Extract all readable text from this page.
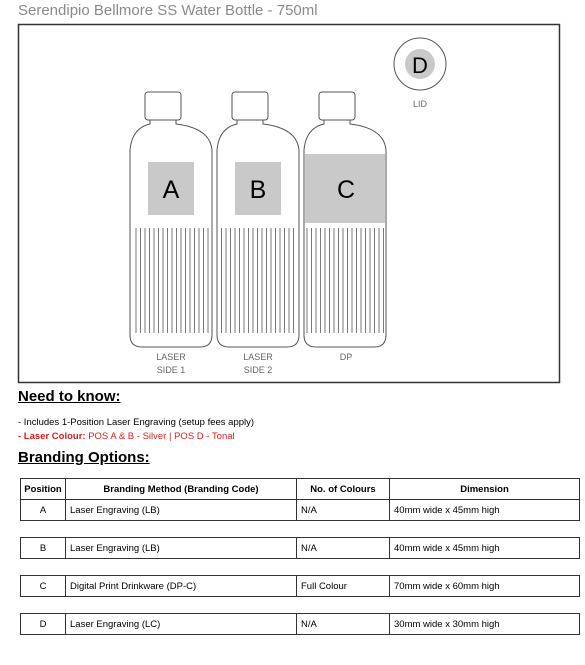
Serendipio Bellmore SS Water Bottle - 750ml
A
LASER
SIDE 1
B
LASER
SIDE 2
C
DP
D
LID
Need to know:
- Includes 1-Position Laser Engraving (setup fees apply)
- Laser Colour: POS A & B - Silver | POS D - Tonal
Branding Options:
Position	Branding Method (Branding Code)	No. of Colours	Dimension
A	Laser Engraving (LB)	N/A	40mm wide x 45mm high
B	Laser Engraving (LB)	N/A	40mm wide x 45mm high
C	Digital Print Drinkware (DP-C)	Full Colour	70mm wide x 60mm high
D	Laser Engraving (LC)	N/A	30mm wide x 30mm high
